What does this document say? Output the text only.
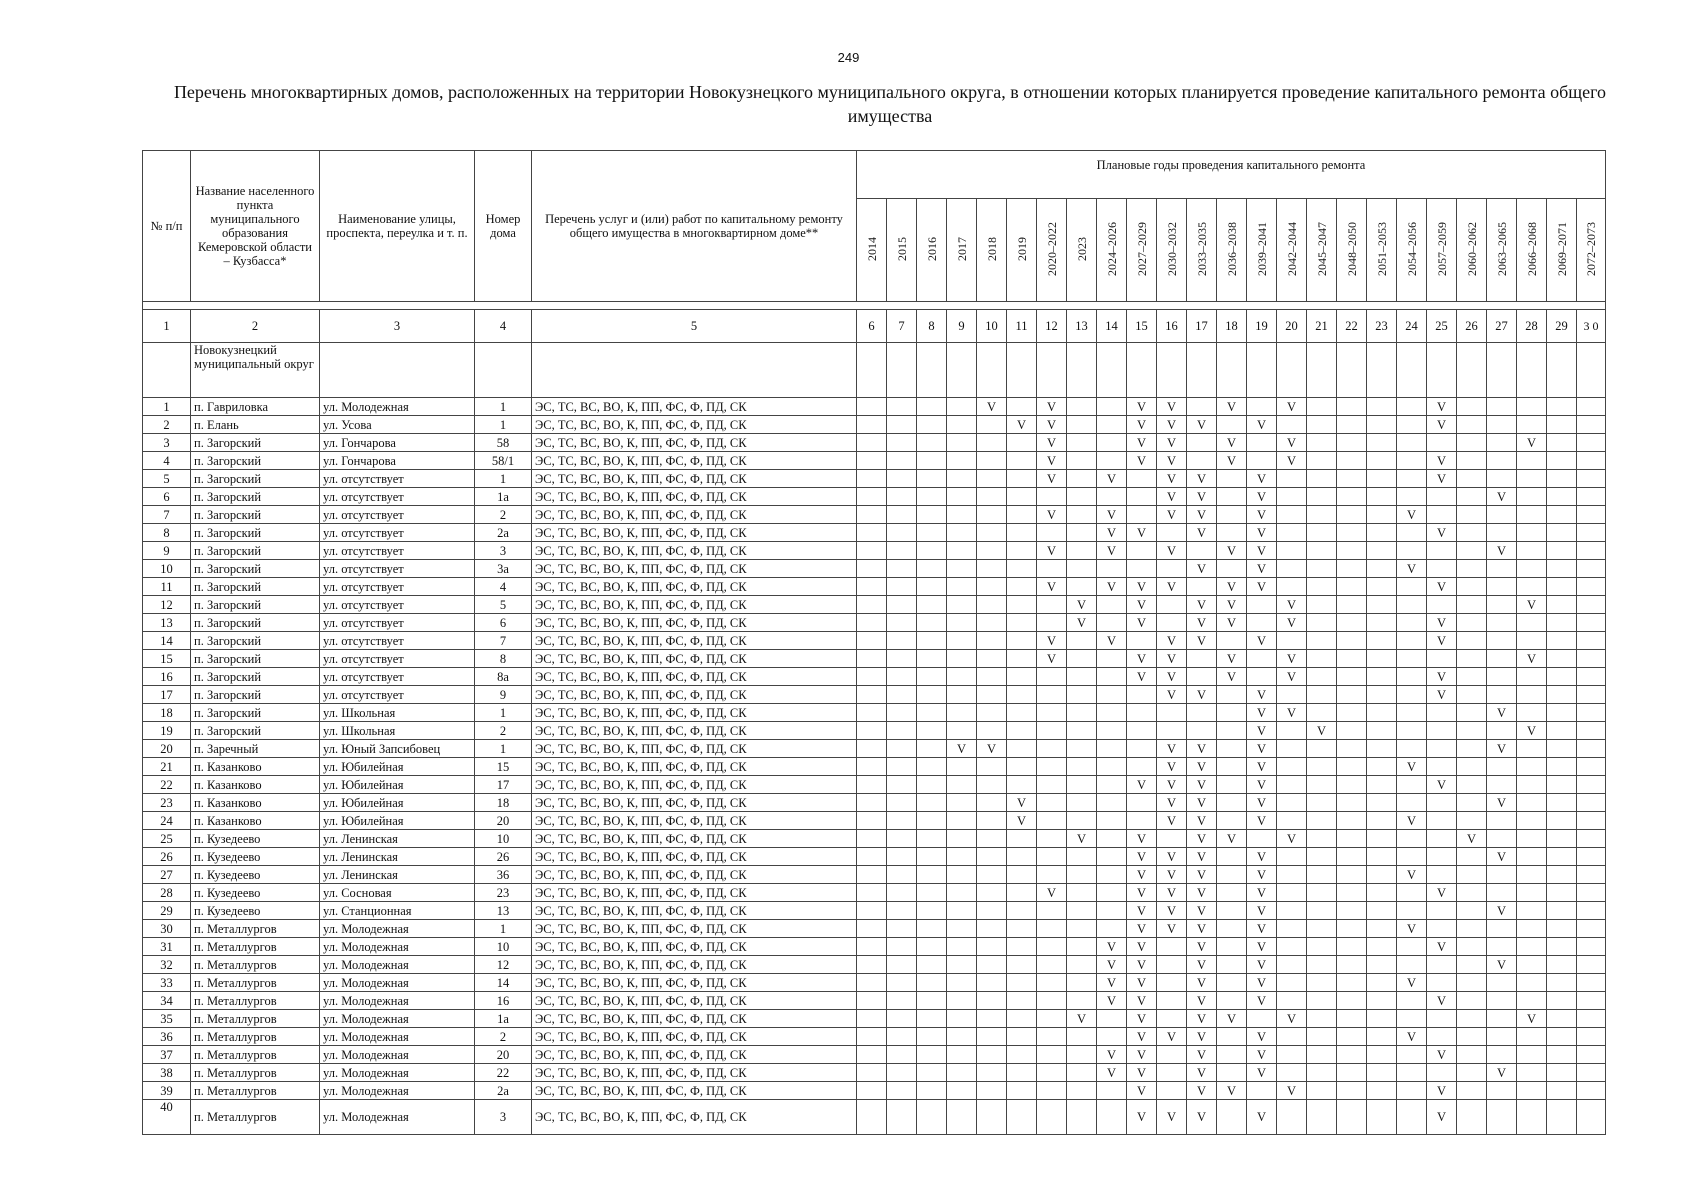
249
Перечень многоквартирных домов, расположенных на территории Новокузнецкого муниципального округа, в отношении которых планируется проведение капитального ремонта общего имущества
№ п/п	Название населенного пункта муниципального образования Кемеровской области – Кузбасса*	Наименование улицы, проспекта, переулка и т. п.	Номер дома	Перечень услуг и (или) работ по капитальному ремонту общего имущества в многоквартирном доме**	Плановые годы проведения капитального ремонта																								
					2014	2015	2016	2017	2018	2019	2020–2022	2023	2024–2026	2027–2029	2030–2032	2033–2035	2036–2038	2039–2041	2042–2044	2045–2047	2048–2050	2051–2053	2054–2056	2057–2059	2060–2062	2063–2065	2066–2068	2069–2071	2072–2073

1	2	3	4	5	6	7	8	9	10	11	12	13	14	15	16	17	18	19	20	21	22	23	24	25	26	27	28	29	3 0
	Новокузнецкий муниципальный округ																												
1	п. Гавриловка	ул. Молодежная	1	ЭС, ТС, ВС, ВО, К, ПП, ФС, Ф, ПД, СК					V		V			V	V		V		V					V					
2	п. Елань	ул. Усова	1	ЭС, ТС, ВС, ВО, К, ПП, ФС, Ф, ПД, СК						V	V			V	V	V		V						V					
3	п. Загорский	ул. Гончарова	58	ЭС, ТС, ВС, ВО, К, ПП, ФС, Ф, ПД, СК							V			V	V		V		V								V		
4	п. Загорский	ул. Гончарова	58/1	ЭС, ТС, ВС, ВО, К, ПП, ФС, Ф, ПД, СК							V			V	V		V		V					V					
5	п. Загорский	ул. отсутствует	1	ЭС, ТС, ВС, ВО, К, ПП, ФС, Ф, ПД, СК							V		V		V	V		V						V					
6	п. Загорский	ул. отсутствует	1а	ЭС, ТС, ВС, ВО, К, ПП, ФС, Ф, ПД, СК											V	V		V								V			
7	п. Загорский	ул. отсутствует	2	ЭС, ТС, ВС, ВО, К, ПП, ФС, Ф, ПД, СК							V		V		V	V		V					V						
8	п. Загорский	ул. отсутствует	2а	ЭС, ТС, ВС, ВО, К, ПП, ФС, Ф, ПД, СК									V	V		V		V						V					
9	п. Загорский	ул. отсутствует	3	ЭС, ТС, ВС, ВО, К, ПП, ФС, Ф, ПД, СК							V		V		V		V	V								V			
10	п. Загорский	ул. отсутствует	3а	ЭС, ТС, ВС, ВО, К, ПП, ФС, Ф, ПД, СК												V		V					V						
11	п. Загорский	ул. отсутствует	4	ЭС, ТС, ВС, ВО, К, ПП, ФС, Ф, ПД, СК							V		V	V	V		V	V						V					
12	п. Загорский	ул. отсутствует	5	ЭС, ТС, ВС, ВО, К, ПП, ФС, Ф, ПД, СК								V		V		V	V		V								V		
13	п. Загорский	ул. отсутствует	6	ЭС, ТС, ВС, ВО, К, ПП, ФС, Ф, ПД, СК								V		V		V	V		V					V					
14	п. Загорский	ул. отсутствует	7	ЭС, ТС, ВС, ВО, К, ПП, ФС, Ф, ПД, СК							V		V		V	V		V						V					
15	п. Загорский	ул. отсутствует	8	ЭС, ТС, ВС, ВО, К, ПП, ФС, Ф, ПД, СК							V			V	V		V		V								V		
16	п. Загорский	ул. отсутствует	8а	ЭС, ТС, ВС, ВО, К, ПП, ФС, Ф, ПД, СК										V	V		V		V					V					
17	п. Загорский	ул. отсутствует	9	ЭС, ТС, ВС, ВО, К, ПП, ФС, Ф, ПД, СК											V	V		V						V					
18	п. Загорский	ул. Школьная	1	ЭС, ТС, ВС, ВО, К, ПП, ФС, Ф, ПД, СК														V	V							V			
19	п. Загорский	ул. Школьная	2	ЭС, ТС, ВС, ВО, К, ПП, ФС, Ф, ПД, СК														V		V							V		
20	п. Заречный	ул. Юный Запсибовец	1	ЭС, ТС, ВС, ВО, К, ПП, ФС, Ф, ПД, СК				V	V						V	V		V								V			
21	п. Казанково	ул. Юбилейная	15	ЭС, ТС, ВС, ВО, К, ПП, ФС, Ф, ПД, СК											V	V		V					V						
22	п. Казанково	ул. Юбилейная	17	ЭС, ТС, ВС, ВО, К, ПП, ФС, Ф, ПД, СК										V	V	V		V						V					
23	п. Казанково	ул. Юбилейная	18	ЭС, ТС, ВС, ВО, К, ПП, ФС, Ф, ПД, СК						V					V	V		V								V			
24	п. Казанково	ул. Юбилейная	20	ЭС, ТС, ВС, ВО, К, ПП, ФС, Ф, ПД, СК						V					V	V		V					V						
25	п. Кузедеево	ул. Ленинская	10	ЭС, ТС, ВС, ВО, К, ПП, ФС, Ф, ПД, СК								V		V		V	V		V						V				
26	п. Кузедеево	ул. Ленинская	26	ЭС, ТС, ВС, ВО, К, ПП, ФС, Ф, ПД, СК										V	V	V		V								V			
27	п. Кузедеево	ул. Ленинская	36	ЭС, ТС, ВС, ВО, К, ПП, ФС, Ф, ПД, СК										V	V	V		V					V						
28	п. Кузедеево	ул. Сосновая	23	ЭС, ТС, ВС, ВО, К, ПП, ФС, Ф, ПД, СК							V			V	V	V		V						V					
29	п. Кузедеево	ул. Станционная	13	ЭС, ТС, ВС, ВО, К, ПП, ФС, Ф, ПД, СК										V	V	V		V								V			
30	п. Металлургов	ул. Молодежная	1	ЭС, ТС, ВС, ВО, К, ПП, ФС, Ф, ПД, СК										V	V	V		V					V						
31	п. Металлургов	ул. Молодежная	10	ЭС, ТС, ВС, ВО, К, ПП, ФС, Ф, ПД, СК									V	V		V		V						V					
32	п. Металлургов	ул. Молодежная	12	ЭС, ТС, ВС, ВО, К, ПП, ФС, Ф, ПД, СК									V	V		V		V								V			
33	п. Металлургов	ул. Молодежная	14	ЭС, ТС, ВС, ВО, К, ПП, ФС, Ф, ПД, СК									V	V		V		V					V						
34	п. Металлургов	ул. Молодежная	16	ЭС, ТС, ВС, ВО, К, ПП, ФС, Ф, ПД, СК									V	V		V		V						V					
35	п. Металлургов	ул. Молодежная	1а	ЭС, ТС, ВС, ВО, К, ПП, ФС, Ф, ПД, СК								V		V		V	V		V								V		
36	п. Металлургов	ул. Молодежная	2	ЭС, ТС, ВС, ВО, К, ПП, ФС, Ф, ПД, СК										V	V	V		V					V						
37	п. Металлургов	ул. Молодежная	20	ЭС, ТС, ВС, ВО, К, ПП, ФС, Ф, ПД, СК									V	V		V		V						V					
38	п. Металлургов	ул. Молодежная	22	ЭС, ТС, ВС, ВО, К, ПП, ФС, Ф, ПД, СК									V	V		V		V								V			
39	п. Металлургов	ул. Молодежная	2а	ЭС, ТС, ВС, ВО, К, ПП, ФС, Ф, ПД, СК										V		V	V		V					V					
40	п. Металлургов	ул. Молодежная	3	ЭС, ТС, ВС, ВО, К, ПП, ФС, Ф, ПД, СК										V	V	V		V						V					
